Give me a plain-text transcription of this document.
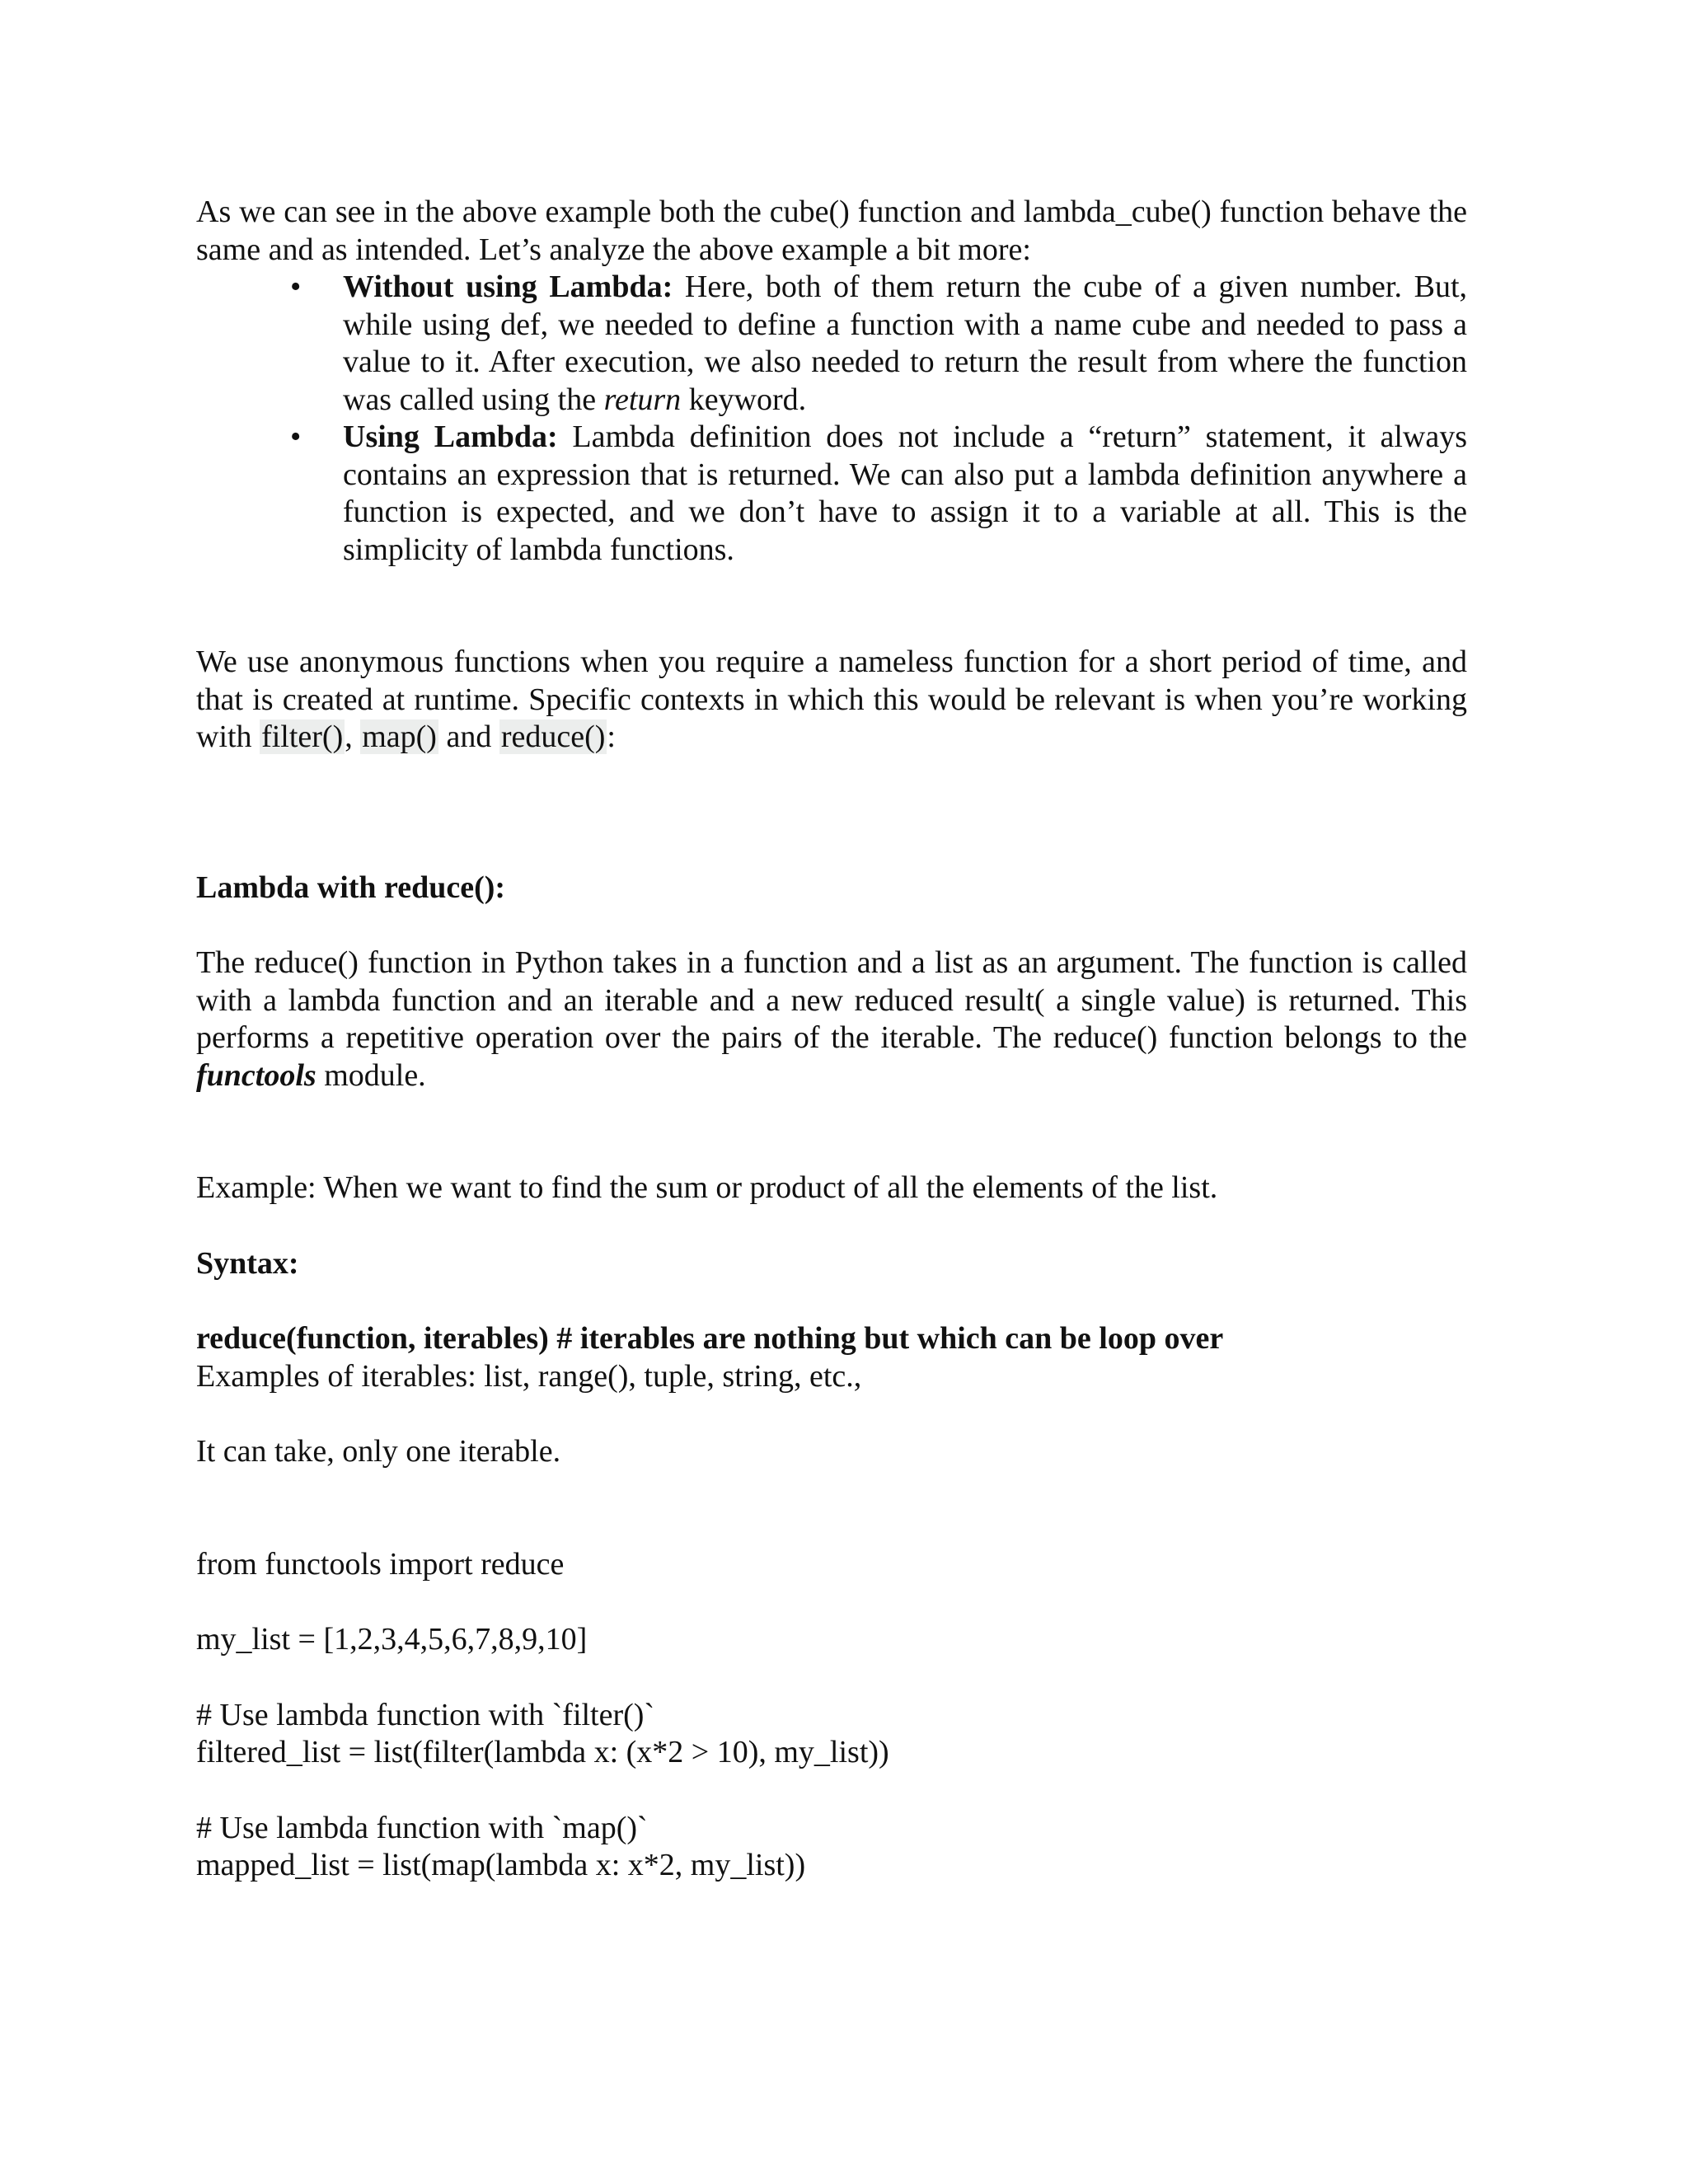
As we can see in the above example both the cube() function and lambda_cube() function behave the same and as intended. Let’s analyze the above example a bit more:

• Without using Lambda: Here, both of them return the cube of a given number. But, while using def, we needed to define a function with a name cube and needed to pass a value to it. After execution, we also needed to return the result from where the function was called using the return keyword.
• Using Lambda: Lambda definition does not include a “return” statement, it always contains an expression that is returned. We can also put a lambda definition anywhere a function is expected, and we don’t have to assign it to a variable at all. This is the simplicity of lambda functions.

We use anonymous functions when you require a nameless function for a short period of time, and that is created at runtime. Specific contexts in which this would be relevant is when you’re working with filter(), map() and reduce():

Lambda with reduce():

The reduce() function in Python takes in a function and a list as an argument. The function is called with a lambda function and an iterable and a new reduced result( a single value) is returned. This performs a repetitive operation over the pairs of the iterable. The reduce() function belongs to the functools module.

Example: When we want to find the sum or product of all the elements of the list.

Syntax:

reduce(function, iterables) # iterables are nothing but which can be loop over

Examples of iterables: list, range(), tuple, string, etc.,

It can take, only one iterable.

from functools import reduce

my_list = [1,2,3,4,5,6,7,8,9,10]

# Use lambda function with `filter()`

filtered_list = list(filter(lambda x: (x*2 > 10), my_list))

# Use lambda function with `map()`

mapped_list = list(map(lambda x: x*2, my_list))
